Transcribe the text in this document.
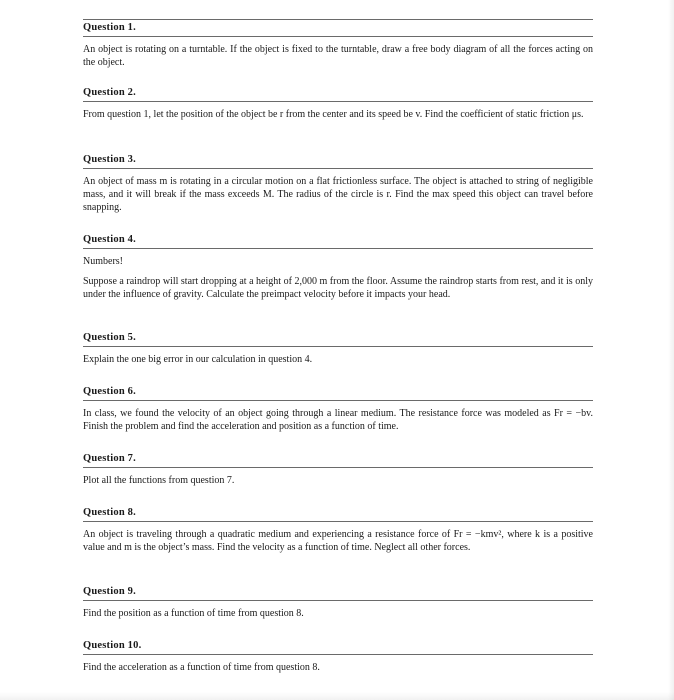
Question 1.

An object is rotating on a turntable. If the object is fixed to the turntable, draw a free body diagram of all the forces acting on the object.

Question 2.

From question 1, let the position of the object be r from the center and its speed be v. Find the coefficient of static friction μs.

Question 3.

An object of mass m is rotating in a circular motion on a flat frictionless surface. The object is attached to string of negligible mass, and it will break if the mass exceeds M. The radius of the circle is r. Find the max speed this object can travel before snapping.

Question 4.

Numbers!

Suppose a raindrop will start dropping at a height of 2,000 m from the floor. Assume the raindrop starts from rest, and it is only under the influence of gravity. Calculate the preimpact velocity before it impacts your head.

Question 5.

Explain the one big error in our calculation in question 4.

Question 6.

In class, we found the velocity of an object going through a linear medium. The resistance force was modeled as Fr = −bv. Finish the problem and find the acceleration and position as a function of time.

Question 7.

Plot all the functions from question 7.

Question 8.

An object is traveling through a quadratic medium and experiencing a resistance force of Fr = −kmv², where k is a positive value and m is the object’s mass. Find the velocity as a function of time. Neglect all other forces.

Question 9.

Find the position as a function of time from question 8.

Question 10.

Find the acceleration as a function of time from question 8.
